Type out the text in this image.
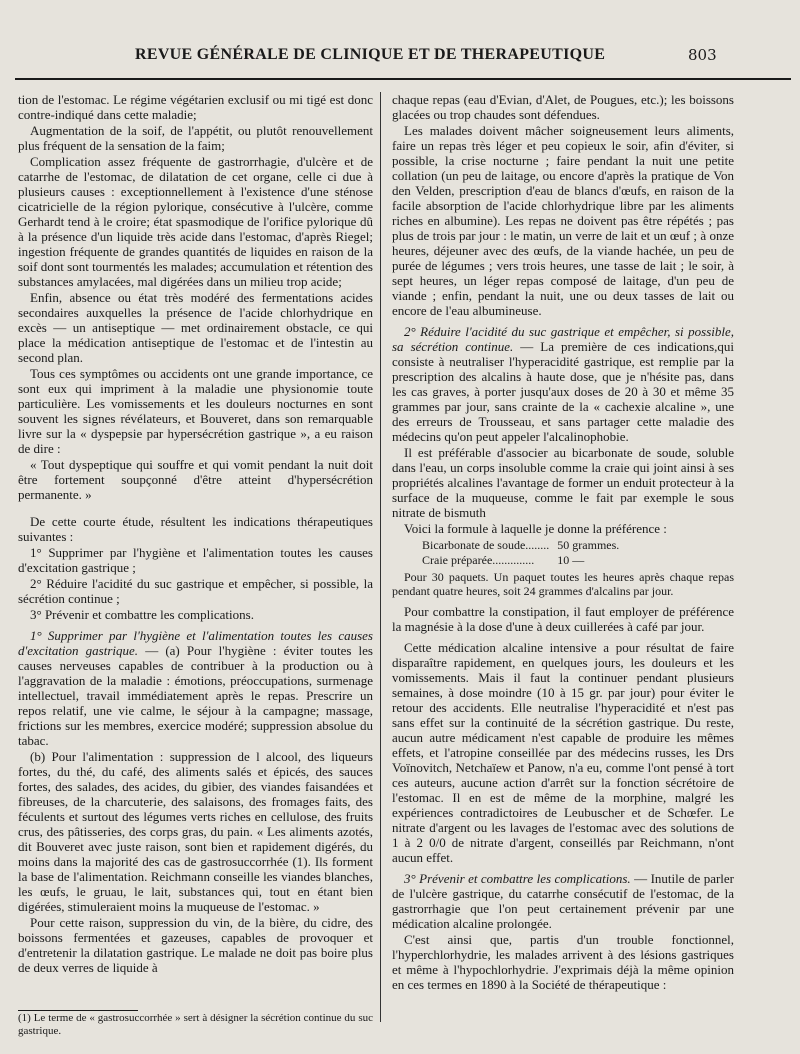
REVUE GÉNÉRALE DE CLINIQUE ET DE THERAPEUTIQUE	803

tion de l'estomac. Le régime végétarien exclusif ou mi tigé est donc contre-indiqué dans cette maladie;

Augmentation de la soif, de l'appétit, ou plutôt renouvellement plus fréquent de la sensation de la faim;

Complication assez fréquente de gastrorrhagie, d'ulcère et de catarrhe de l'estomac, de dilatation de cet organe, celle ci due à plusieurs causes : exceptionnellement à l'existence d'une sténose cicatricielle de la région pylorique, consécutive à l'ulcère, comme Gerhardt tend à le croire; état spasmodique de l'orifice pylorique dû à la présence d'un liquide très acide dans l'estomac, d'après Riegel; ingestion fréquente de grandes quantités de liquides en raison de la soif dont sont tourmentés les malades; accumulation et rétention des substances amylacées, mal digérées dans un milieu trop acide;

Enfin, absence ou état très modéré des fermentations acides secondaires auxquelles la présence de l'acide chlorhydrique en excès — un antiseptique — met ordinairement obstacle, ce qui place la médication antiseptique de l'estomac et de l'intestin au second plan.

Tous ces symptômes ou accidents ont une grande importance, ce sont eux qui impriment à la maladie une physionomie toute particulière. Les vomissements et les douleurs nocturnes en sont souvent les signes révélateurs, et Bouveret, dans son remarquable livre sur la « dyspepsie par hypersécrétion gastrique », a eu raison de dire :

« Tout dyspeptique qui souffre et qui vomit pendant la nuit doit être fortement soupçonné d'être atteint d'hypersécrétion permanente. »

De cette courte étude, résultent les indications thérapeutiques suivantes :

1° Supprimer par l'hygiène et l'alimentation toutes les causes d'excitation gastrique ;

2° Réduire l'acidité du suc gastrique et empêcher, si possible, la sécrétion continue ;

3° Prévenir et combattre les complications.

1° Supprimer par l'hygiène et l'alimentation toutes les causes d'excitation gastrique. — (a) Pour l'hygiène : éviter toutes les causes nerveuses capables de contribuer à la production ou à l'aggravation de la maladie : émotions, préoccupations, surmenage intellectuel, travail immédiatement après le repas. Prescrire un repos relatif, une vie calme, le séjour à la campagne; massage, frictions sur les membres, exercice modéré; suppression absolue du tabac.

(b) Pour l'alimentation : suppression de l alcool, des liqueurs fortes, du thé, du café, des aliments salés et épicés, des sauces fortes, des salades, des acides, du gibier, des viandes faisandées et fibreuses, de la charcuterie, des salaisons, des fromages faits, des féculents et surtout des légumes verts riches en cellulose, des fruits crus, des pâtisseries, des corps gras, du pain. « Les aliments azotés, dit Bouveret avec juste raison, sont bien et rapidement digérés, du moins dans la majorité des cas de gastrosuccorrhée (1). Ils forment la base de l'alimentation. Reichmann conseille les viandes blanches, les œufs, le gruau, le lait, substances qui, tout en étant bien digérées, stimuleraient moins la muqueuse de l'estomac. »

Pour cette raison, suppression du vin, de la bière, du cidre, des boissons fermentées et gazeuses, capables de provoquer et d'entretenir la dilatation gastrique. Le malade ne doit pas boire plus de deux verres de liquide à

chaque repas (eau d'Evian, d'Alet, de Pougues, etc.); les boissons glacées ou trop chaudes sont défendues.

Les malades doivent mâcher soigneusement leurs aliments, faire un repas très léger et peu copieux le soir, afin d'éviter, si possible, la crise nocturne ; faire pendant la nuit une petite collation (un peu de laitage, ou encore d'après la pratique de Von den Velden, prescription d'eau de blancs d'œufs, en raison de la facile absorption de l'acide chlorhydrique libre par les aliments riches en albumine). Les repas ne doivent pas être répétés ; pas plus de trois par jour : le matin, un verre de lait et un œuf ; à onze heures, déjeuner avec des œufs, de la viande hachée, un peu de purée de légumes ; vers trois heures, une tasse de lait ; le soir, à sept heures, un léger repas composé de laitage, d'un peu de viande ; enfin, pendant la nuit, une ou deux tasses de lait ou encore de l'eau albumineuse.

2° Réduire l'acidité du suc gastrique et empêcher, si possible, sa sécrétion continue. — La première de ces indications,qui consiste à neutraliser l'hyperacidité gastrique, est remplie par la prescription des alcalins à haute dose, que je n'hésite pas, dans les cas graves, à porter jusqu'aux doses de 20 à 30 et même 35 grammes par jour, sans crainte de la « cachexie alcaline », une des erreurs de Trousseau, et sans partager cette maladie des médecins qu'on peut appeler l'alcalinophobie.

Il est préférable d'associer au bicarbonate de soude, soluble dans l'eau, un corps insoluble comme la craie qui joint ainsi à ses propriétés alcalines l'avantage de former un enduit protecteur à la surface de la muqueuse, comme le fait par exemple le sous nitrate de bismuth

Voici la formule à laquelle je donne la préférence :

Bicarbonate de soude........	50 grammes.
Craie préparée..............	10 —

Pour 30 paquets. Un paquet toutes les heures après chaque repas pendant quatre heures, soit 24 grammes d'alcalins par jour.

Pour combattre la constipation, il faut employer de préférence la magnésie à la dose d'une à deux cuillerées à café par jour.

Cette médication alcaline intensive a pour résultat de faire disparaître rapidement, en quelques jours, les douleurs et les vomissements. Mais il faut la continuer pendant plusieurs semaines, à dose moindre (10 à 15 gr. par jour) pour éviter le retour des accidents. Elle neutralise l'hyperacidité et n'est pas sans effet sur la continuité de la sécrétion gastrique. Du reste, aucun autre médicament n'est capable de produire les mêmes effets, et l'atropine conseillée par des médecins russes, les Drs Voïnovitch, Netchaïew et Panow, n'a eu, comme l'ont pensé à tort ces auteurs, aucune action d'arrêt sur la fonction sécrétoire de l'estomac. Il en est de même de la morphine, malgré les expériences contradictoires de Leubuscher et de Schœfer. Le nitrate d'argent ou les lavages de l'estomac avec des solutions de 1 à 2 0/0 de nitrate d'argent, conseillés par Reichmann, n'ont aucun effet.

3° Prévenir et combattre les complications. — Inutile de parler de l'ulcère gastrique, du catarrhe consécutif de l'estomac, de la gastrorrhagie que l'on peut certainement prévenir par une médication alcaline prolongée.

C'est ainsi que, partis d'un trouble fonctionnel, l'hyperchlorhydrie, les malades arrivent à des lésions gastriques et même à l'hypochlorhydrie. J'exprimais déjà la même opinion en ces termes en 1890 à la Société de thérapeutique :

(1) Le terme de « gastrosuccorrhée » sert à désigner la sécrétion continue du suc gastrique.
